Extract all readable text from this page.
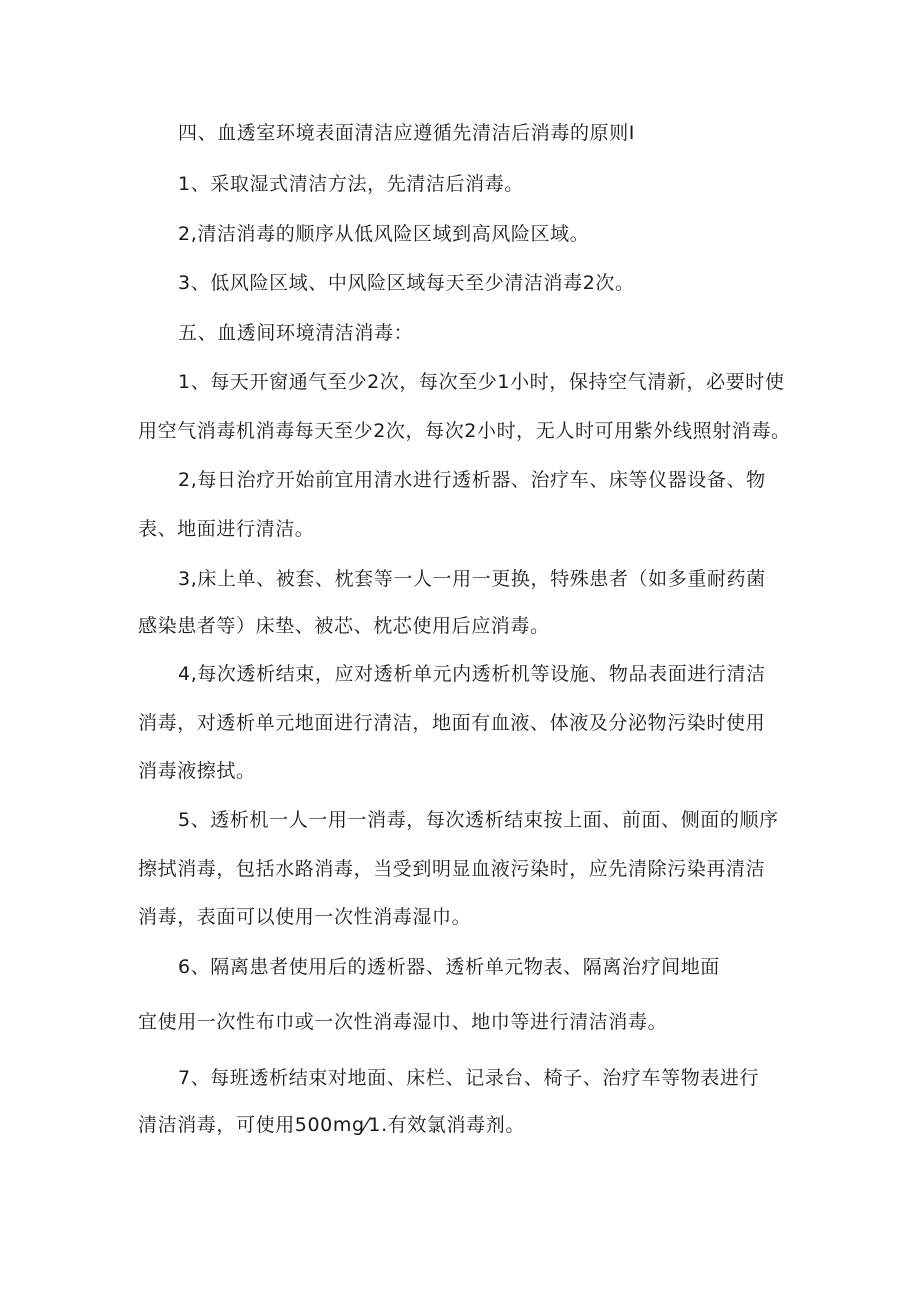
四、血透室环境表面清洁应遵循先清洁后消毒的原则I
1、采取湿式清洁方法，先清洁后消毒。
2,清洁消毒的顺序从低风险区域到高风险区域。
3、低风险区域、中风险区域每天至少清洁消毒2次。
五、血透间环境清洁消毒：
1、每天开窗通气至少2次，每次至少1小时，保持空气清新，必要时使
用空气消毒机消毒每天至少2次，每次2小时，无人时可用紫外线照射消毒。
2,每日治疗开始前宜用清水进行透析器、治疗车、床等仪器设备、物
表、地面进行清洁。
3,床上单、被套、枕套等一人一用一更换，特殊患者（如多重耐药菌
感染患者等）床垫、被芯、枕芯使用后应消毒。
4,每次透析结束，应对透析单元内透析机等设施、物品表面进行清洁
消毒，对透析单元地面进行清洁，地面有血液、体液及分泌物污染时使用
消毒液擦拭。
5、透析机一人一用一消毒，每次透析结束按上面、前面、侧面的顺序
擦拭消毒，包括水路消毒，当受到明显血液污染时，应先清除污染再清洁
消毒，表面可以使用一次性消毒湿巾。
6、隔离患者使用后的透析器、透析单元物表、隔离治疗间地面
宜使用一次性布巾或一次性消毒湿巾、地巾等进行清洁消毒。
7、每班透析结束对地面、床栏、记录台、椅子、治疗车等物表进行
清洁消毒，可使用500mg⁄1.有效氯消毒剂。
